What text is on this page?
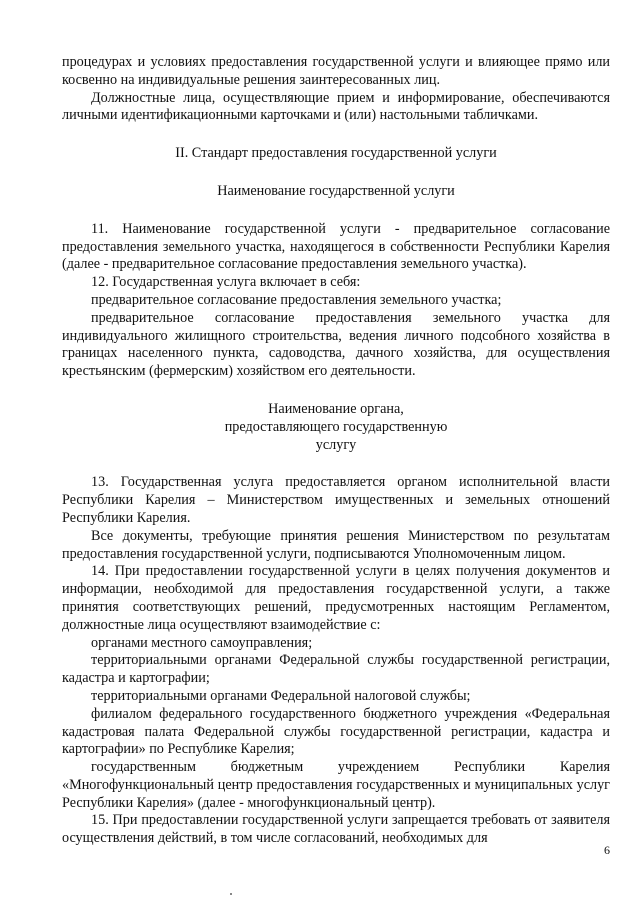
процедурах и условиях предоставления государственной услуги и влияющее прямо или косвенно на индивидуальные решения заинтересованных лиц.

Должностные лица, осуществляющие прием и информирование, обеспечиваются личными идентификационными карточками и (или) настольными табличками.

II. Стандарт предоставления государственной услуги

Наименование государственной услуги

11. Наименование государственной услуги - предварительное согласование предоставления земельного участка, находящегося в собственности Республики Карелия (далее - предварительное согласование предоставления земельного участка).

12. Государственная услуга включает в себя:

предварительное согласование предоставления земельного участка;

предварительное согласование предоставления земельного участка для индивидуального жилищного строительства, ведения личного подсобного хозяйства в границах населенного пункта, садоводства, дачного хозяйства, для осуществления крестьянским (фермерским) хозяйством его деятельности.

Наименование органа, предоставляющего государственную услугу

13. Государственная услуга предоставляется органом исполнительной власти Республики Карелия – Министерством имущественных и земельных отношений Республики Карелия.

Все документы, требующие принятия решения Министерством по результатам предоставления государственной услуги, подписываются Уполномоченным лицом.

14. При предоставлении государственной услуги в целях получения документов и информации, необходимой для предоставления государственной услуги, а также принятия соответствующих решений, предусмотренных настоящим Регламентом, должностные лица осуществляют взаимодействие с:

органами местного самоуправления;

территориальными органами Федеральной службы государственной регистрации, кадастра и картографии;

территориальными органами Федеральной налоговой службы;

филиалом федерального государственного бюджетного учреждения «Федеральная кадастровая палата Федеральной службы государственной регистрации, кадастра и картографии» по Республике Карелия;

государственным бюджетным учреждением Республики Карелия «Многофункциональный центр предоставления государственных и муниципальных услуг Республики Карелия» (далее - многофункциональный центр).

15. При предоставлении государственной услуги запрещается требовать от заявителя осуществления действий, в том числе согласований, необходимых для

6
